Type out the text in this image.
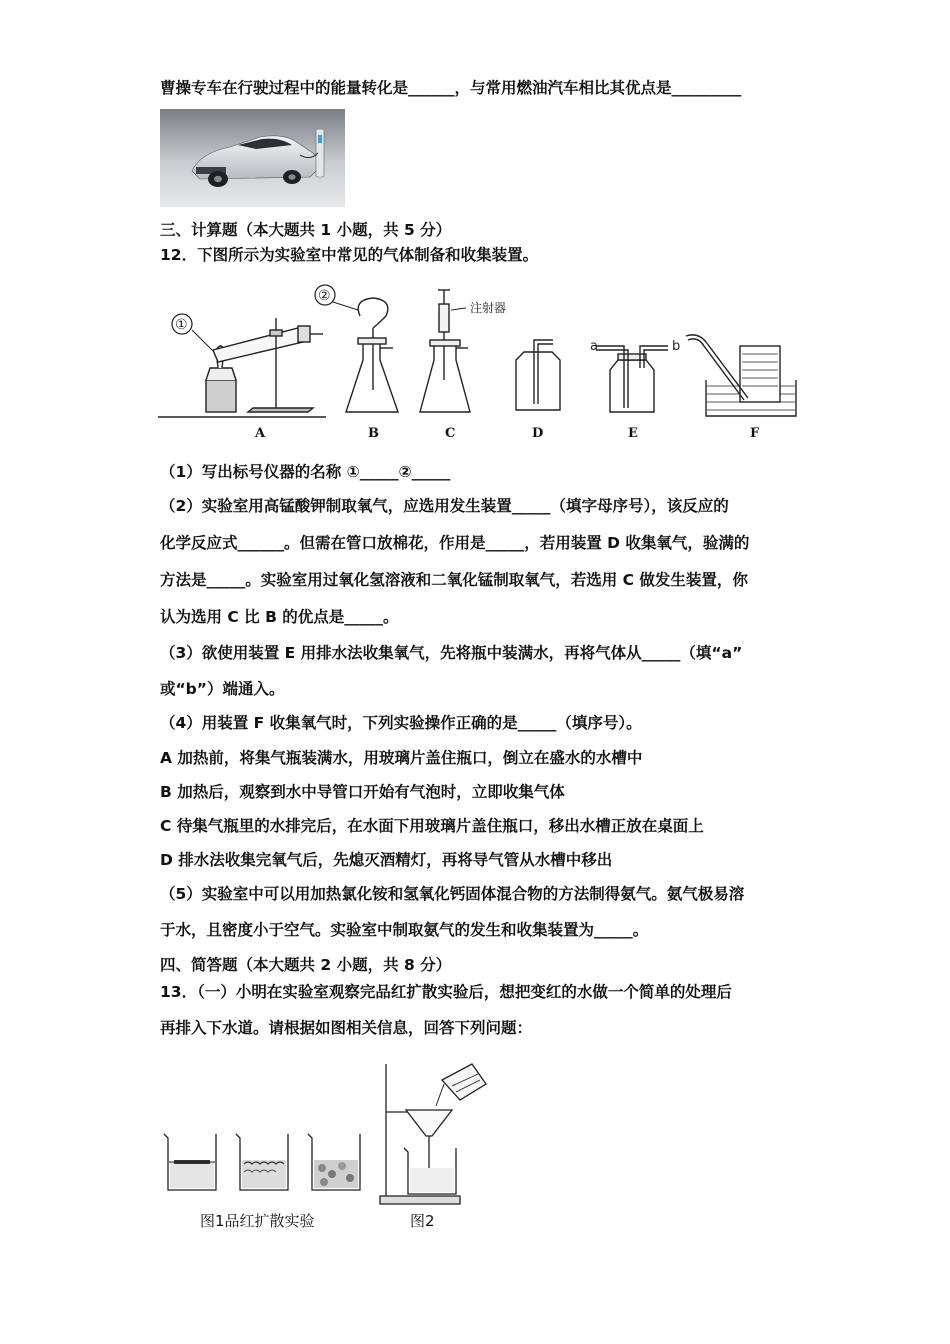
曹操专车在行驶过程中的能量转化是______，与常用燃油汽车相比其优点是_________
三、计算题（本大题共 1 小题，共 5 分）
12．下图所示为实验室中常见的气体制备和收集装置。
①
②
注射器
a	b
A	B	C	D	E	F
（1）写出标号仪器的名称 ①_____②_____
（2）实验室用高锰酸钾制取氧气，应选用发生装置_____（填字母序号），该反应的
化学反应式______。但需在管口放棉花，作用是_____，若用装置 D 收集氧气，验满的
方法是_____。实验室用过氧化氢溶液和二氧化锰制取氧气，若选用 C 做发生装置，你
认为选用 C 比 B 的优点是_____。
（3）欲使用装置 E 用排水法收集氧气，先将瓶中装满水，再将气体从_____（填“a”
或“b”）端通入。
（4）用装置 F 收集氧气时，下列实验操作正确的是_____（填序号）。
A 加热前，将集气瓶装满水，用玻璃片盖住瓶口，倒立在盛水的水槽中
B 加热后，观察到水中导管口开始有气泡时，立即收集气体
C 待集气瓶里的水排完后，在水面下用玻璃片盖住瓶口，移出水槽正放在桌面上
D 排水法收集完氧气后，先熄灭酒精灯，再将导气管从水槽中移出
（5）实验室中可以用加热氯化铵和氢氧化钙固体混合物的方法制得氨气。氨气极易溶
于水，且密度小于空气。实验室中制取氨气的发生和收集装置为_____。
四、简答题（本大题共 2 小题，共 8 分）
13．（一）小明在实验室观察完品红扩散实验后，想把变红的水做一个简单的处理后
再排入下水道。请根据如图相关信息，回答下列问题：
图1品红扩散实验	图2
